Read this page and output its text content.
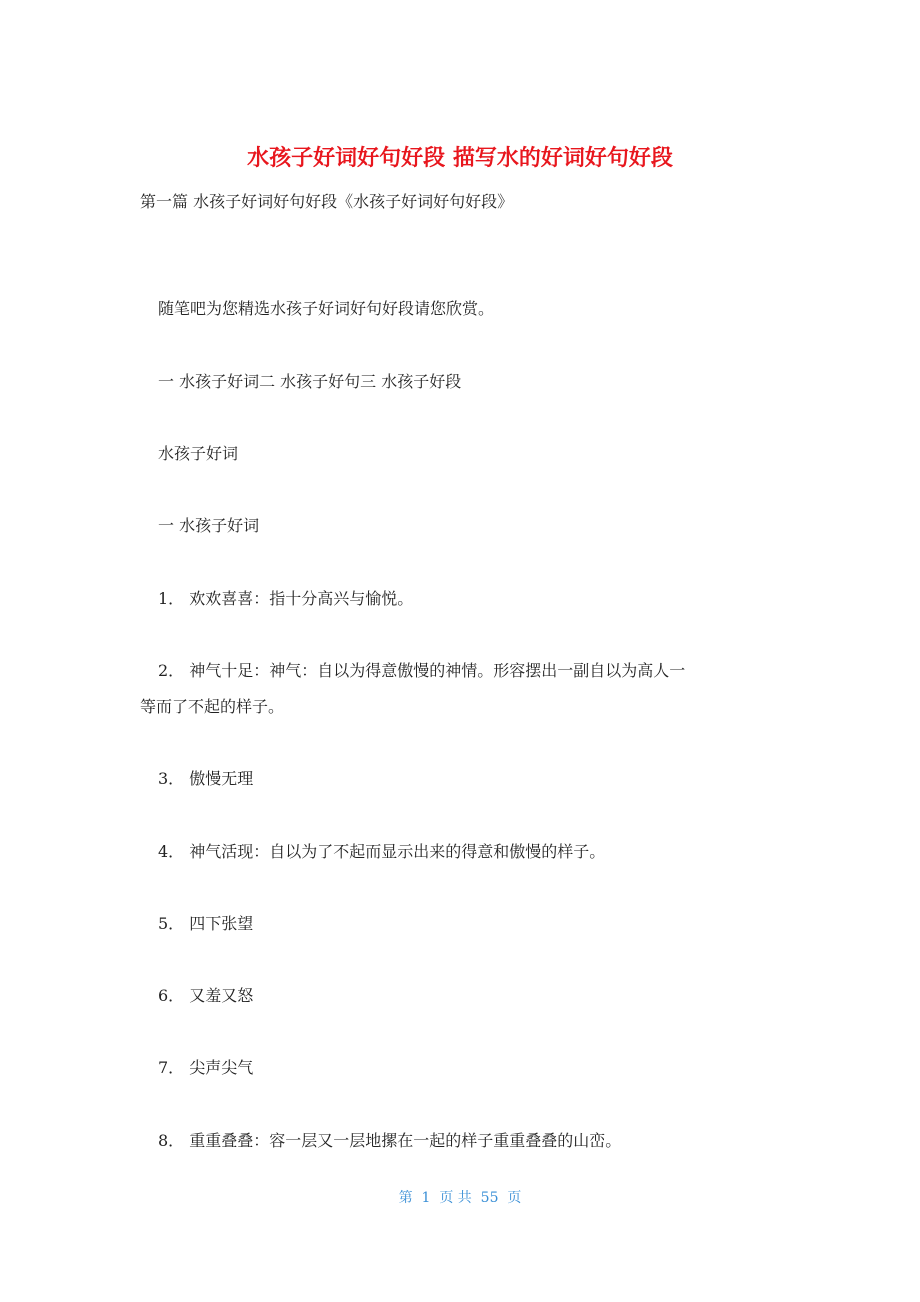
水孩子好词好句好段 描写水的好词好句好段
第一篇 水孩子好词好句好段《水孩子好词好句好段》
随笔吧为您精选水孩子好词好句好段请您欣赏。
一 水孩子好词二 水孩子好句三 水孩子好段
水孩子好词
一 水孩子好词
1． 欢欢喜喜：指十分高兴与愉悦。
2． 神气十足：神气：自以为得意傲慢的神情。形容摆出一副自以为高人一
等而了不起的样子。
3． 傲慢无理
4． 神气活现：自以为了不起而显示出来的得意和傲慢的样子。
5． 四下张望
6． 又羞又怒
7． 尖声尖气
8． 重重叠叠：容一层又一层地摞在一起的样子重重叠叠的山峦。
第  1  页 共  55  页
